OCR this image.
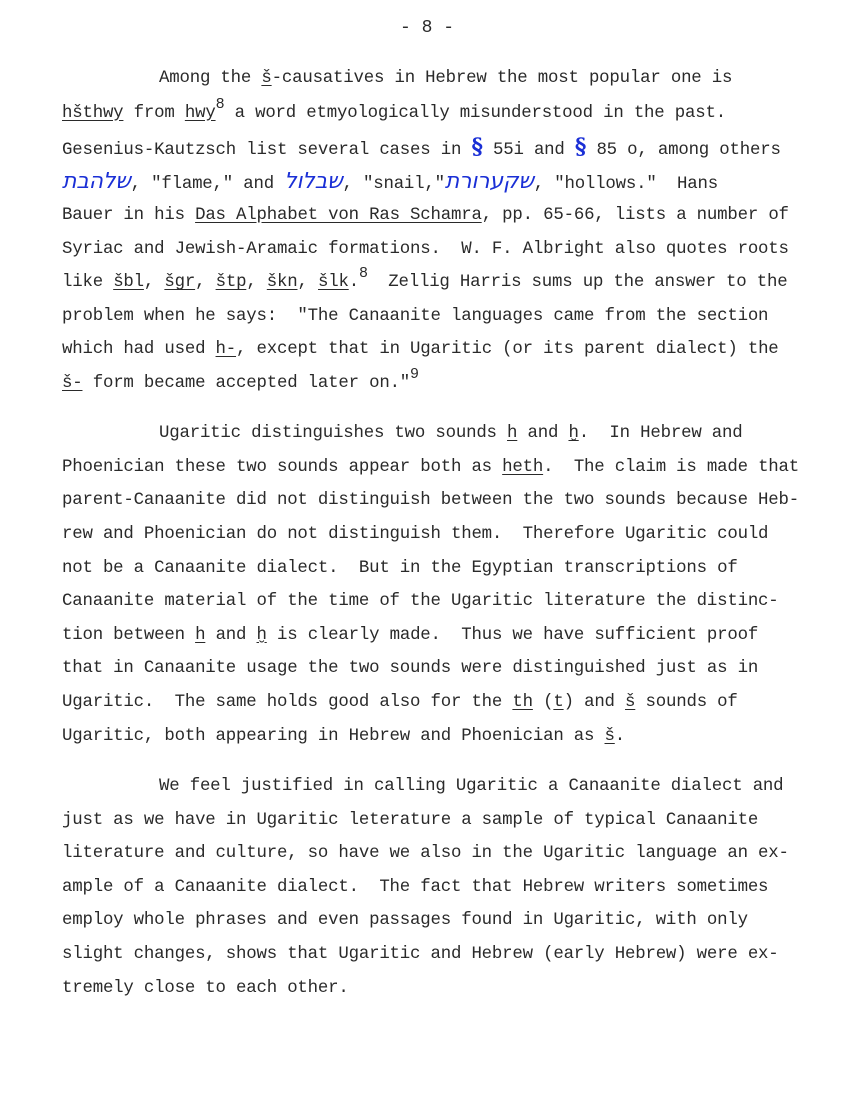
- 8 -
Among the š-causatives in Hebrew the most popular one is
hšthwy from hwy8 a word etmyologically misunderstood in the past.
Gesenius-Kautzsch list several cases in § 55i and § 85 o, among others
שלהבת, "flame," and שבלול, "snail,"שקערורת, "hollows."  Hans
Bauer in his Das Alphabet von Ras Schamra, pp. 65-66, lists a number of
Syriac and Jewish-Aramaic formations.  W. F. Albright also quotes roots
like šbl, šgr, štp, škn, šlk.8  Zellig Harris sums up the answer to the
problem when he says:  "The Canaanite languages came from the section
which had used h-, except that in Ugaritic (or its parent dialect) the
š- form became accepted later on."9
Ugaritic distinguishes two sounds h and ḫ.  In Hebrew and
Phoenician these two sounds appear both as heth.  The claim is made that
parent-Canaanite did not distinguish between the two sounds because Heb-
rew and Phoenician do not distinguish them.  Therefore Ugaritic could
not be a Canaanite dialect.  But in the Egyptian transcriptions of
Canaanite material of the time of the Ugaritic literature the distinc-
tion between h and ḫ is clearly made.  Thus we have sufficient proof
that in Canaanite usage the two sounds were distinguished just as in
Ugaritic.  The same holds good also for the th (t) and š sounds of
Ugaritic, both appearing in Hebrew and Phoenician as š.
We feel justified in calling Ugaritic a Canaanite dialect and
just as we have in Ugaritic leterature a sample of typical Canaanite
literature and culture, so have we also in the Ugaritic language an ex-
ample of a Canaanite dialect.  The fact that Hebrew writers sometimes
employ whole phrases and even passages found in Ugaritic, with only
slight changes, shows that Ugaritic and Hebrew (early Hebrew) were ex-
tremely close to each other.
